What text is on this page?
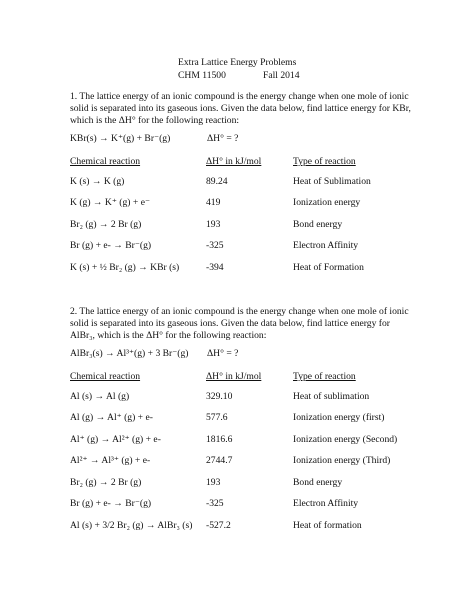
Extra Lattice Energy Problems
CHM 11500	Fall 2014
1. The lattice energy of an ionic compound is the energy change when one mole of ionic
solid is separated into its gaseous ions. Given the data below, find lattice energy for KBr,
which is the ΔH° for the following reaction:
KBr(s) → K⁺(g) + Br⁻(g)	ΔH° = ?
Chemical reaction	ΔH° in kJ/mol	Type of reaction
K (s) → K (g)	89.24	Heat of Sublimation
K (g) → K⁺ (g) + e⁻	419	Ionization energy
Br₂ (g) → 2 Br (g)	193	Bond energy
Br (g) + e- → Br⁻(g)	-325	Electron Affinity
K (s) + ½ Br₂ (g) → KBr (s)	-394	Heat of Formation
2. The lattice energy of an ionic compound is the energy change when one mole of ionic
solid is separated into its gaseous ions. Given the data below, find lattice energy for
AlBr₃, which is the ΔH° for the following reaction:
AlBr₃(s) → Al³⁺(g) + 3 Br⁻(g) ΔH° = ?
Chemical reaction	ΔH° in kJ/mol	Type of reaction
Al (s) → Al (g)	329.10	Heat of sublimation
Al (g) → Al⁺ (g) + e-	577.6	Ionization energy (first)
Al⁺ (g) → Al²⁺ (g) + e-	1816.6	Ionization energy (Second)
Al²⁺ → Al³⁺ (g) + e-	2744.7	Ionization energy (Third)
Br₂ (g) → 2 Br (g)	193	Bond energy
Br (g) + e- → Br⁻(g)	-325	Electron Affinity
Al (s) + 3/2 Br₂ (g) → AlBr₃ (s) -527.2	Heat of formation
